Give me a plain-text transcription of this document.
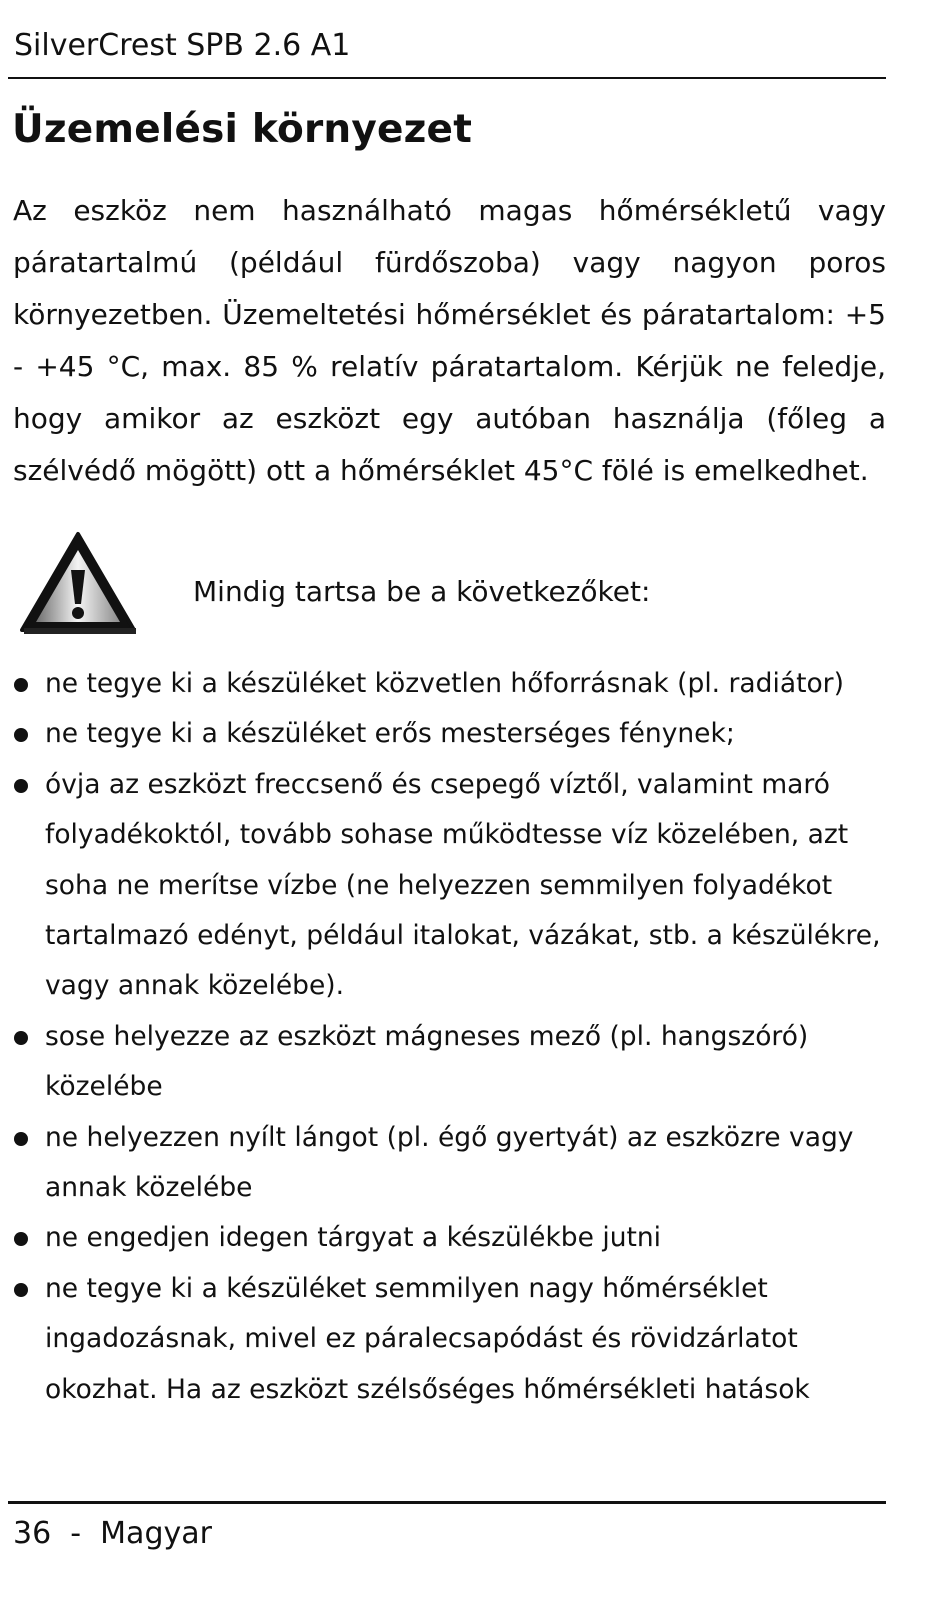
SilverCrest SPB 2.6 A1
Üzemelési környezet

Az eszköz nem használható magas hőmérsékletű vagy páratartalmú (például fürdőszoba) vagy nagyon poros környezetben. Üzemeltetési hőmérséklet és páratartalom: +5 - +45 °C, max. 85 % relatív páratartalom. Kérjük ne feledje, hogy amikor az eszközt egy autóban használja (főleg a szélvédő mögött) ott a hőmérséklet 45°C fölé is emelkedhet.

Mindig tartsa be a következőket:
ne tegye ki a készüléket közvetlen hőforrásnak (pl. radiátor)
ne tegye ki a készüléket erős mesterséges fénynek;
óvja az eszközt freccsenő és csepegő víztől, valamint maró folyadékoktól, tovább sohase működtesse víz közelében, azt soha ne merítse vízbe (ne helyezzen semmilyen folyadékot tartalmazó edényt, például italokat, vázákat, stb. a készülékre, vagy annak közelébe).
sose helyezze az eszközt mágneses mező (pl. hangszóró) közelébe
ne helyezzen nyílt lángot (pl. égő gyertyát) az eszközre vagy annak közelébe
ne engedjen idegen tárgyat a készülékbe jutni
ne tegye ki a készüléket semmilyen nagy hőmérséklet ingadozásnak, mivel ez páralecsapódást és rövidzárlatot okozhat. Ha az eszközt szélsőséges hőmérsékleti hatások
36 - Magyar
